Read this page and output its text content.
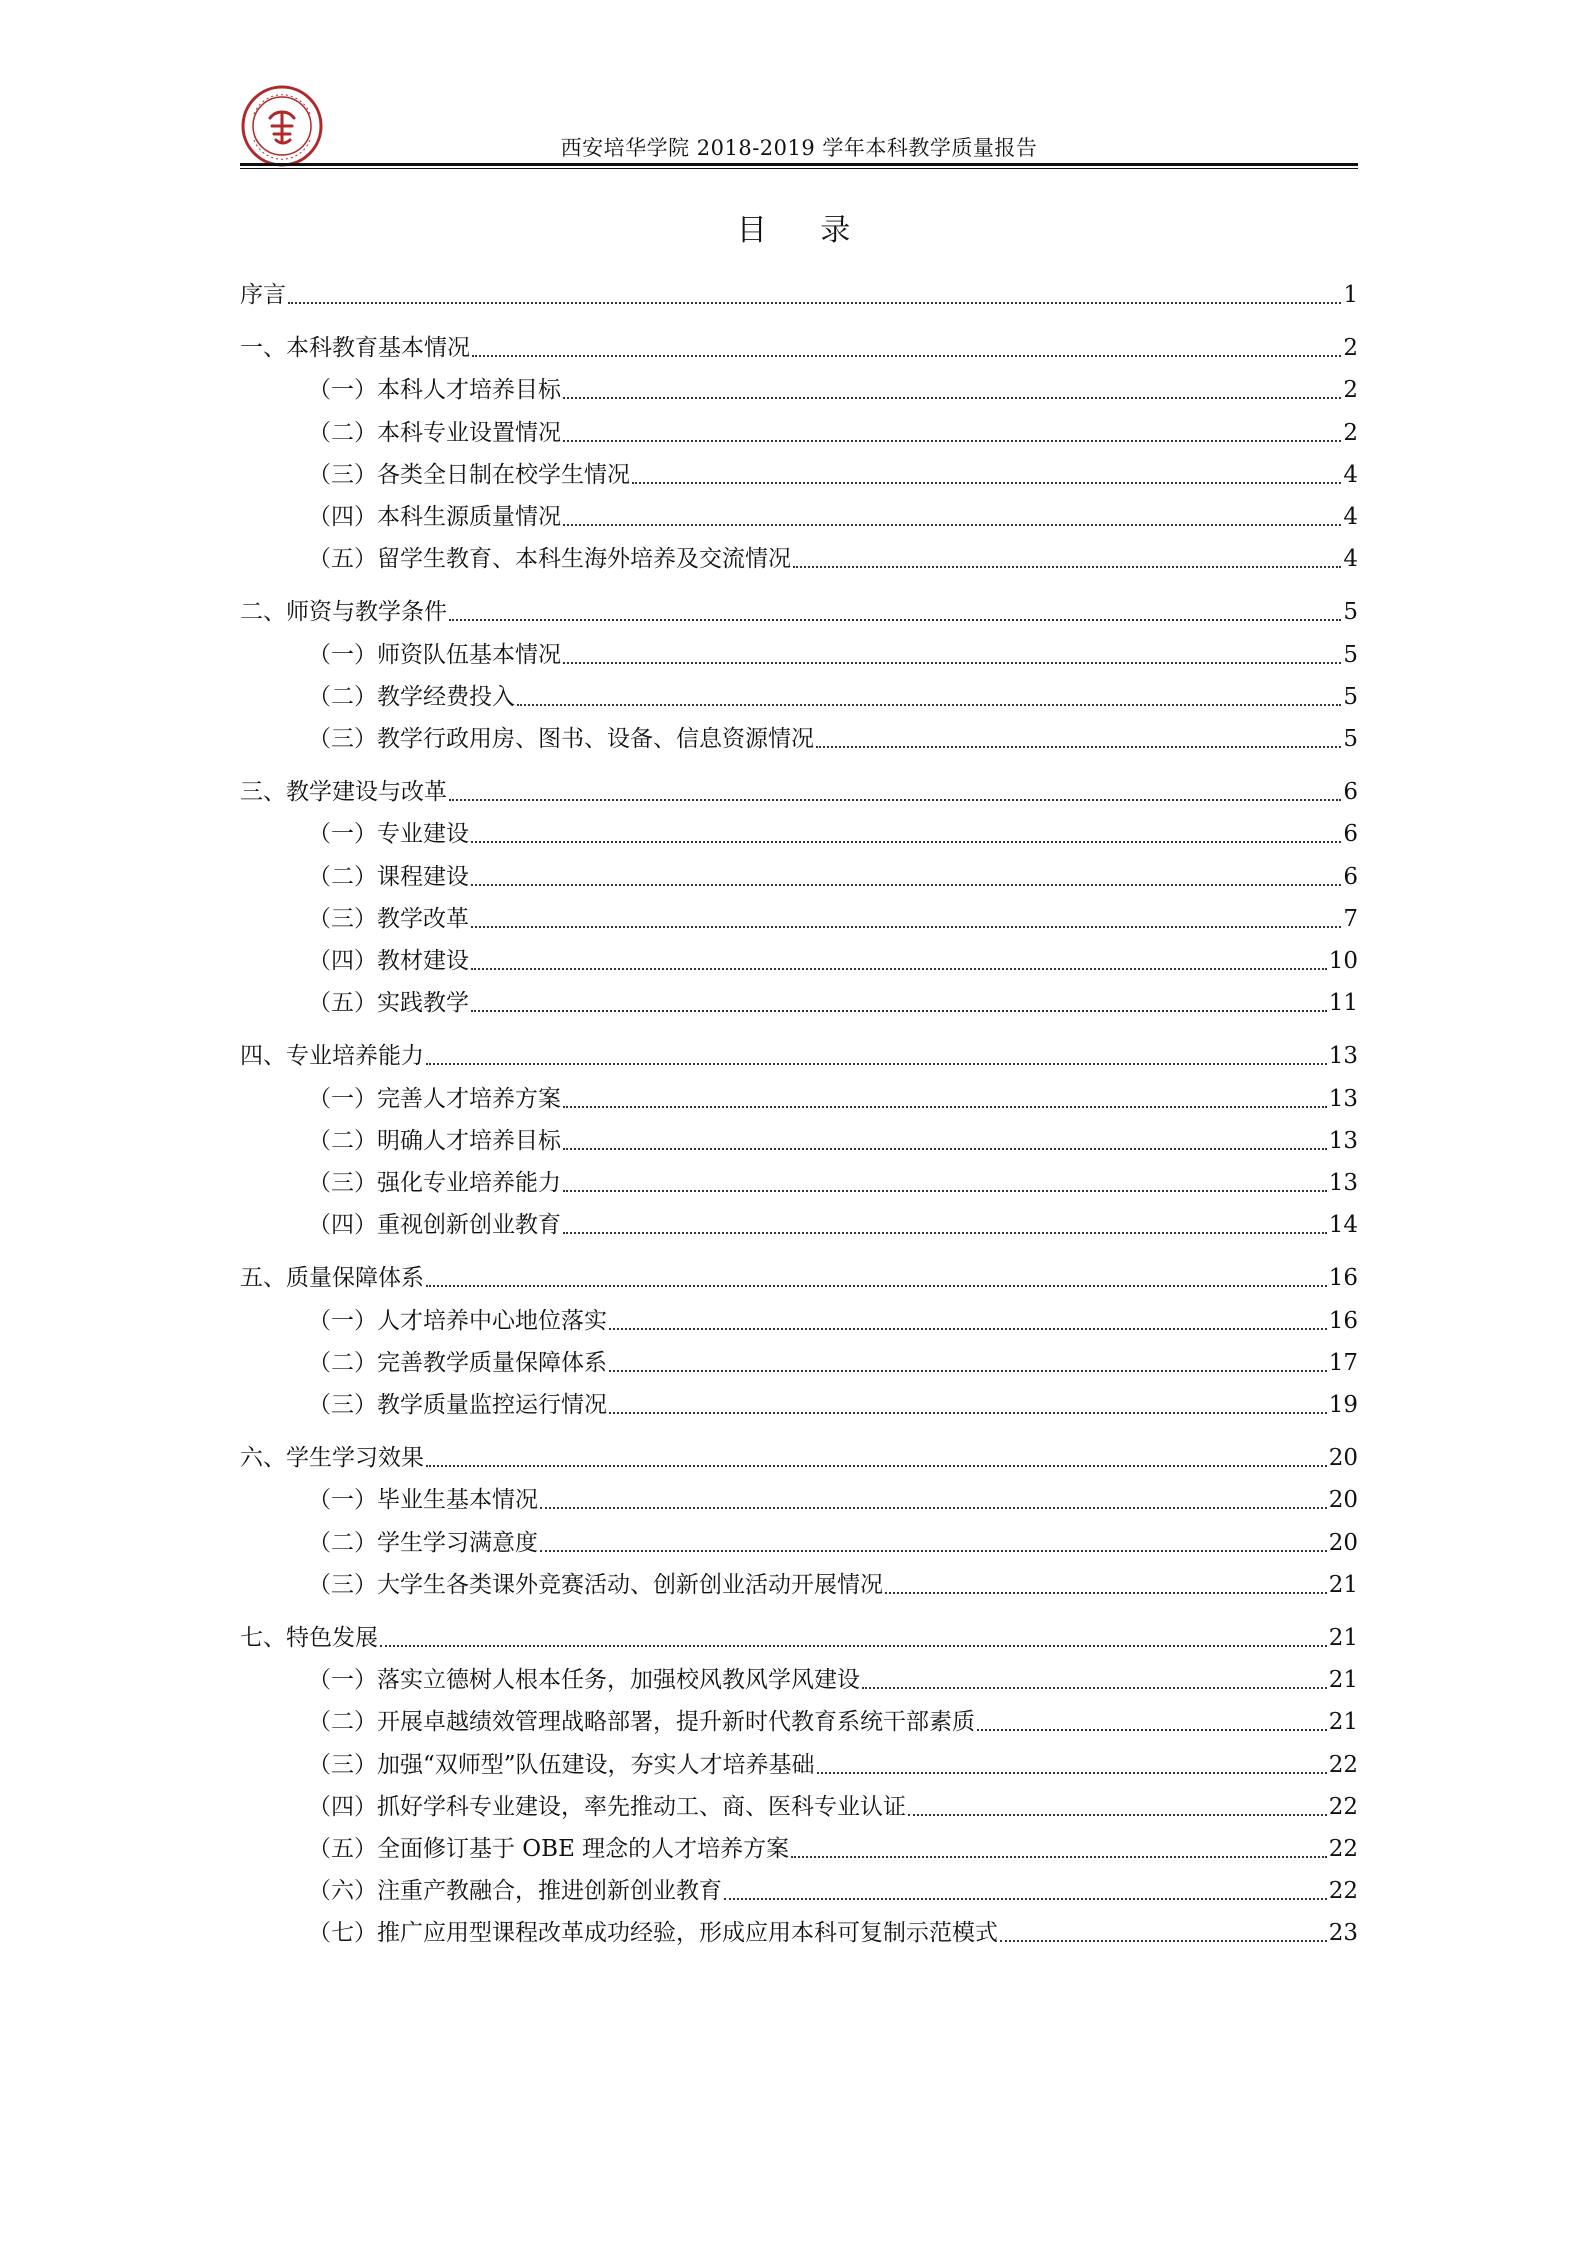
西安培华学院 2018-2019 学年本科教学质量报告
目 录
序言	1
一、本科教育基本情况	2
（一）本科人才培养目标	2
（二）本科专业设置情况	2
（三）各类全日制在校学生情况	4
（四）本科生源质量情况	4
（五）留学生教育、本科生海外培养及交流情况	4
二、师资与教学条件	5
（一）师资队伍基本情况	5
（二）教学经费投入	5
（三）教学行政用房、图书、设备、信息资源情况	5
三、教学建设与改革	6
（一）专业建设	6
（二）课程建设	6
（三）教学改革	7
（四）教材建设	10
（五）实践教学	11
四、专业培养能力	13
（一）完善人才培养方案	13
（二）明确人才培养目标	13
（三）强化专业培养能力	13
（四）重视创新创业教育	14
五、质量保障体系	16
（一）人才培养中心地位落实	16
（二）完善教学质量保障体系	17
（三）教学质量监控运行情况	19
六、学生学习效果	20
（一）毕业生基本情况	20
（二）学生学习满意度	20
（三）大学生各类课外竞赛活动、创新创业活动开展情况	21
七、特色发展	21
（一）落实立德树人根本任务，加强校风教风学风建设	21
（二）开展卓越绩效管理战略部署，提升新时代教育系统干部素质	21
（三）加强“双师型”队伍建设，夯实人才培养基础	22
（四）抓好学科专业建设，率先推动工、商、医科专业认证	22
（五）全面修订基于 OBE 理念的人才培养方案	22
（六）注重产教融合，推进创新创业教育	22
（七）推广应用型课程改革成功经验，形成应用本科可复制示范模式	23
